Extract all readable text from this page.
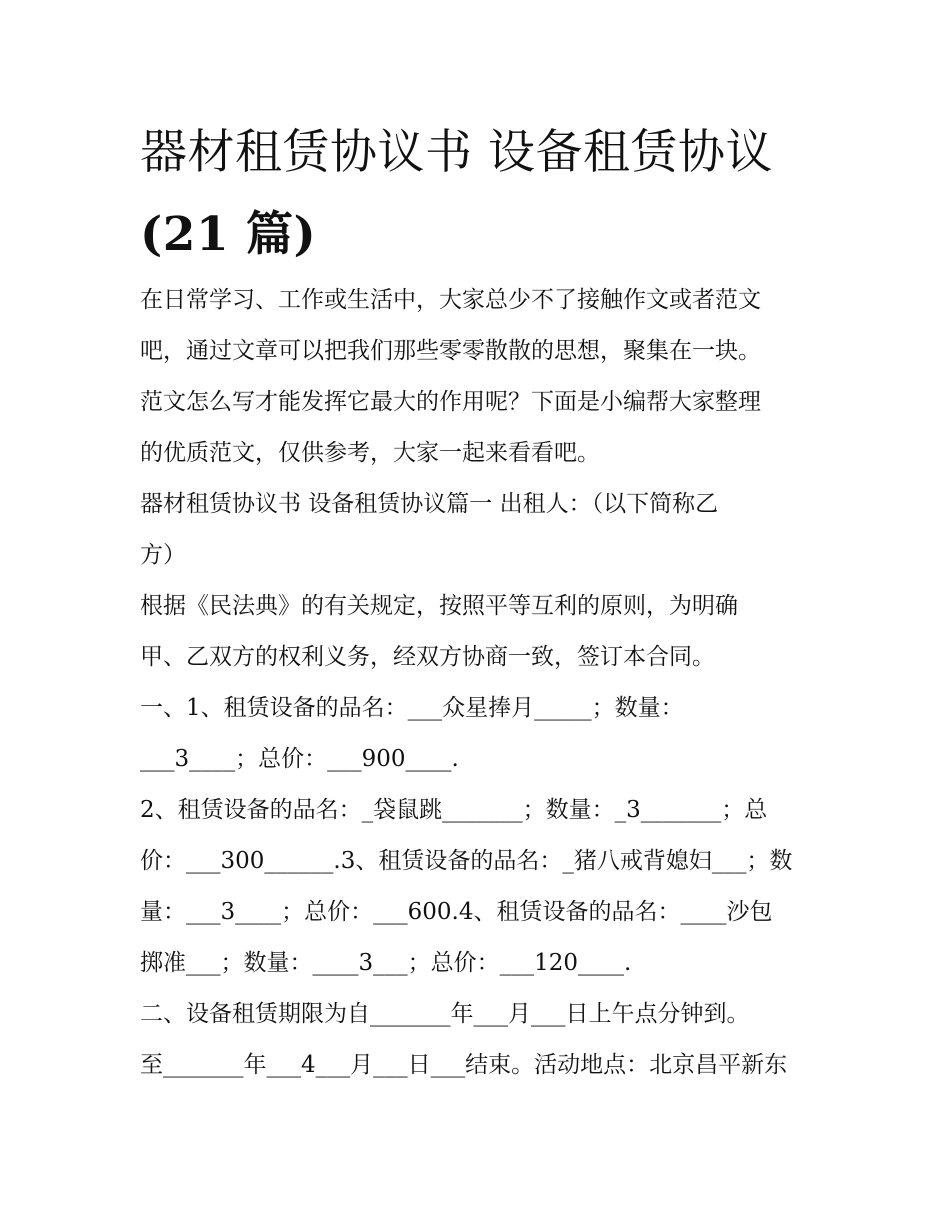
器材租赁协议书 设备租赁协议
(21 篇)
在日常学习、工作或生活中，大家总少不了接触作文或者范文
吧，通过文章可以把我们那些零零散散的思想，聚集在一块。
范文怎么写才能发挥它最大的作用呢？下面是小编帮大家整理
的优质范文，仅供参考，大家一起来看看吧。
器材租赁协议书 设备租赁协议篇一 出租人：（以下简称乙
方）
根据《民法典》的有关规定，按照平等互利的原则，为明确
甲、乙双方的权利义务，经双方协商一致，签订本合同。
一、1、租赁设备的品名：___众星捧月_____；数量：
___3____；总价：___900____.
2、租赁设备的品名：_袋鼠跳_______；数量：_3_______；总
价：___300______.3、租赁设备的品名：_猪八戒背媳妇___；数
量：___3____；总价：___600.4、租赁设备的品名：____沙包
掷准___；数量：____3___；总价：___120____.
二、设备租赁期限为自_______年___月___日上午点分钟到。
至_______年___4___月___日___结束。活动地点：北京昌平新东
